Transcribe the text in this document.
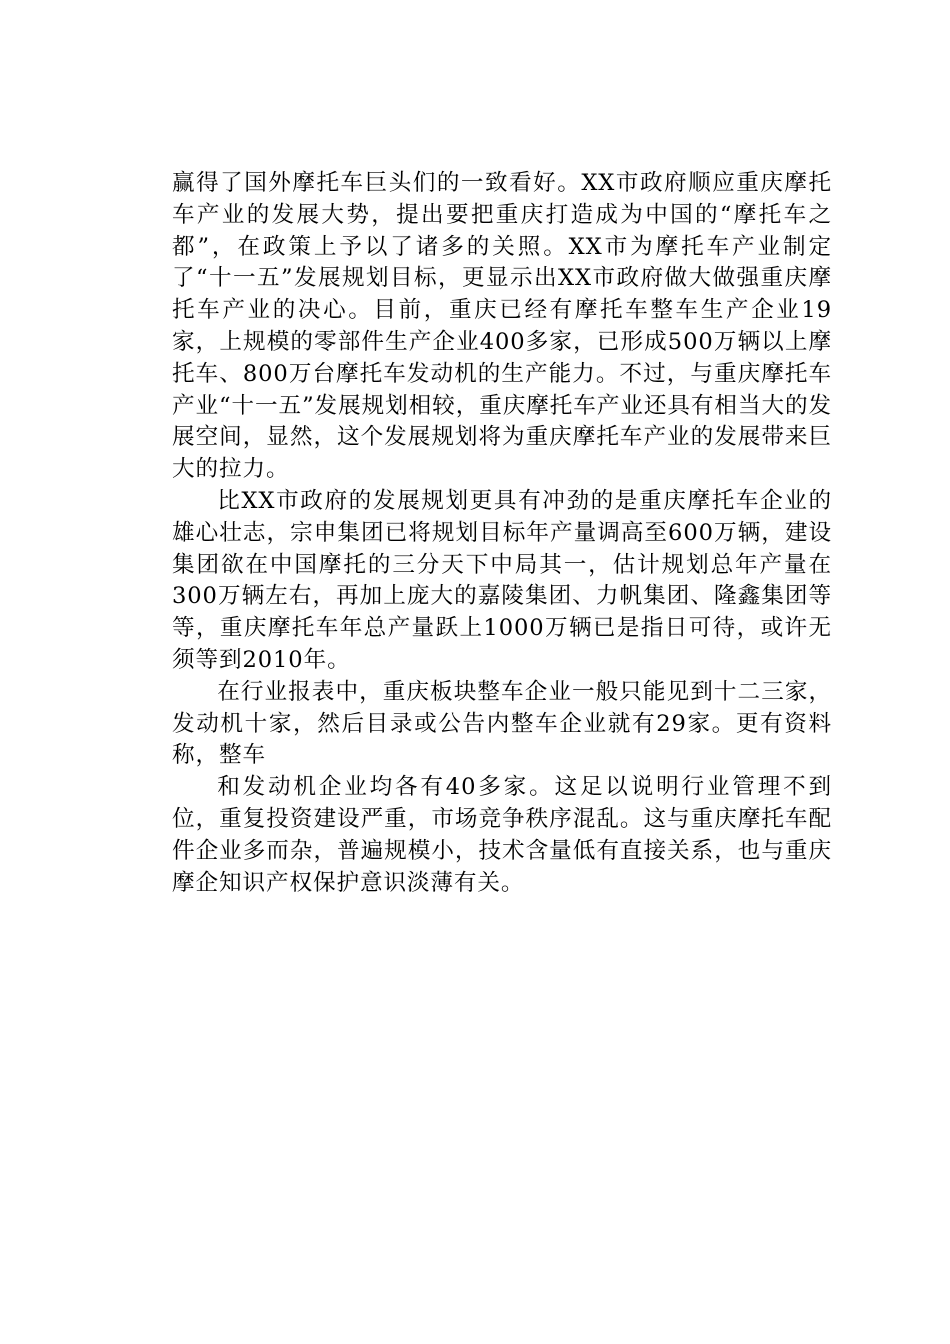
赢得了国外摩托车巨头们的一致看好。XX市政府顺应重庆摩托车产业的发展大势，提出要把重庆打造成为中国的“摩托车之都”，在政策上予以了诸多的关照。XX市为摩托车产业制定了“十一五”发展规划目标，更显示出XX市政府做大做强重庆摩托车产业的决心。目前，重庆已经有摩托车整车生产企业19家，上规模的零部件生产企业400多家，已形成500万辆以上摩托车、800万台摩托车发动机的生产能力。不过，与重庆摩托车产业“十一五”发展规划相较，重庆摩托车产业还具有相当大的发展空间，显然，这个发展规划将为重庆摩托车产业的发展带来巨大的拉力。

比XX市政府的发展规划更具有冲劲的是重庆摩托车企业的雄心壮志，宗申集团已将规划目标年产量调高至600万辆，建设集团欲在中国摩托的三分天下中局其一，估计规划总年产量在300万辆左右，再加上庞大的嘉陵集团、力帆集团、隆鑫集团等等，重庆摩托车年总产量跃上1000万辆已是指日可待，或许无须等到2010年。

在行业报表中，重庆板块整车企业一般只能见到十二三家，发动机十家，然后目录或公告内整车企业就有29家。更有资料称，整车

和发动机企业均各有40多家。这足以说明行业管理不到位，重复投资建设严重，市场竞争秩序混乱。这与重庆摩托车配件企业多而杂，普遍规模小，技术含量低有直接关系，也与重庆摩企知识产权保护意识淡薄有关。
